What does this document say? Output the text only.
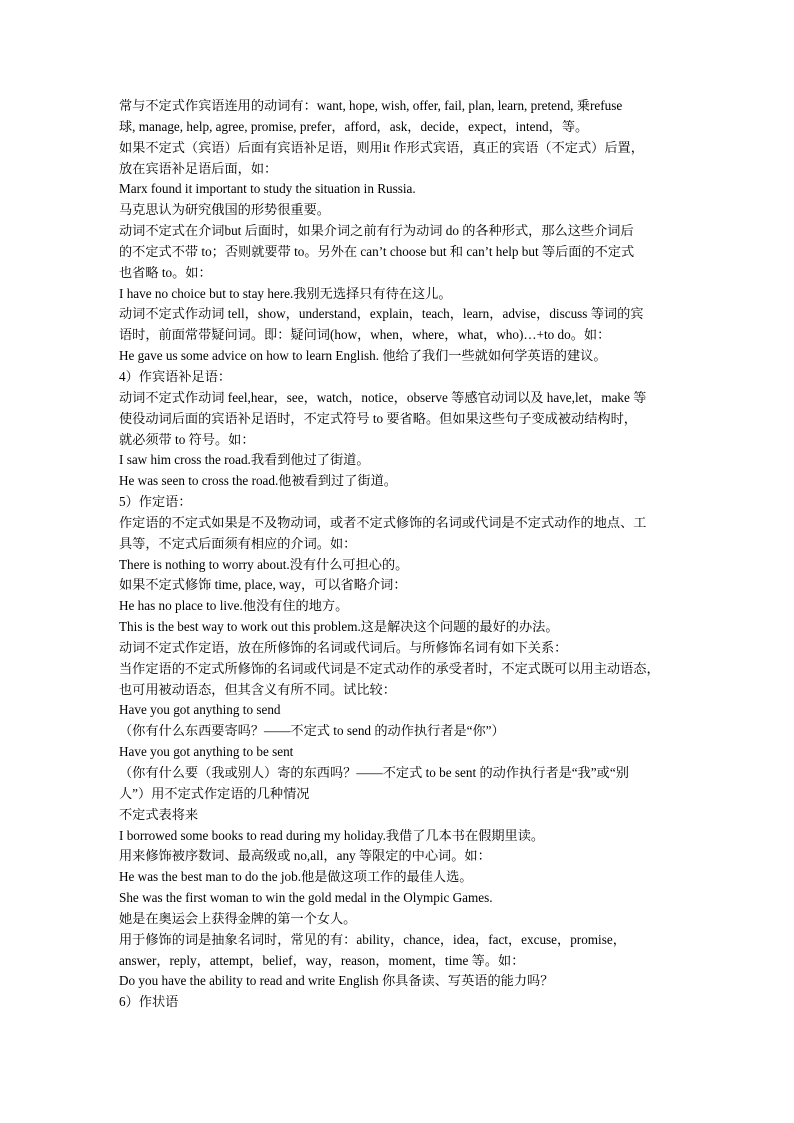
常与不定式作宾语连用的动词有：want, hope, wish, offer, fail, plan, learn, pretend, 乗refuse
球, manage, help, agree, promise, prefer，afford，ask，decide，expect，intend，等。
如果不定式（宾语）后面有宾语补足语，则用it 作形式宾语，真正的宾语（不定式）后置，
放在宾语补足语后面，如：
Marx found it important to study the situation in Russia.
马克思认为研究俄国的形势很重要。
动词不定式在介词but 后面时，如果介词之前有行为动词 do 的各种形式，那么这些介词后
的不定式不带 to；否则就要带 to。另外在 can’t choose but 和 can’t help but 等后面的不定式
也省略 to。如：
I have no choice but to stay here.我别无选择只有待在这儿。
动词不定式作动词 tell，show，understand，explain，teach，learn，advise，discuss 等词的宾
语时，前面常带疑问词。即：疑问词(how，when，where，what，who)…+to do。如：
He gave us some advice on how to learn English. 他给了我们一些就如何学英语的建议。
4）作宾语补足语：
动词不定式作动词 feel,hear，see，watch，notice，observe 等感官动词以及 have,let，make 等
使役动词后面的宾语补足语时，不定式符号 to 要省略。但如果这些句子变成被动结构时，
就必须带 to 符号。如：
I saw him cross the road.我看到他过了街道。
He was seen to cross the road.他被看到过了街道。
5）作定语：
作定语的不定式如果是不及物动词，或者不定式修饰的名词或代词是不定式动作的地点、工
具等，不定式后面须有相应的介词。如：
There is nothing to worry about.没有什么可担心的。
如果不定式修饰 time, place, way，可以省略介词：
He has no place to live.他没有住的地方。
This is the best way to work out this problem.这是解决这个问题的最好的办法。
动词不定式作定语，放在所修饰的名词或代词后。与所修饰名词有如下关系：
当作定语的不定式所修饰的名词或代词是不定式动作的承受者时，不定式既可以用主动语态，
也可用被动语态，但其含义有所不同。试比较：
Have you got anything to send
（你有什么东西要寄吗？——不定式 to send 的动作执行者是“你”）
Have you got anything to be sent
（你有什么要（我或别人）寄的东西吗？——不定式 to be sent 的动作执行者是“我”或“别
人”）用不定式作定语的几种情况
不定式表将来
I borrowed some books to read during my holiday.我借了几本书在假期里读。
用来修饰被序数词、最高级或 no,all，any 等限定的中心词。如：
He was the best man to do the job.他是做这项工作的最佳人选。
She was the first woman to win the gold medal in the Olympic Games.
她是在奥运会上获得金牌的第一个女人。
用于修饰的词是抽象名词时，常见的有：ability，chance，idea，fact，excuse，promise，
answer，reply，attempt，belief，way，reason，moment，time 等。如：
Do you have the ability to read and write English 你具备读、写英语的能力吗？
6）作状语
